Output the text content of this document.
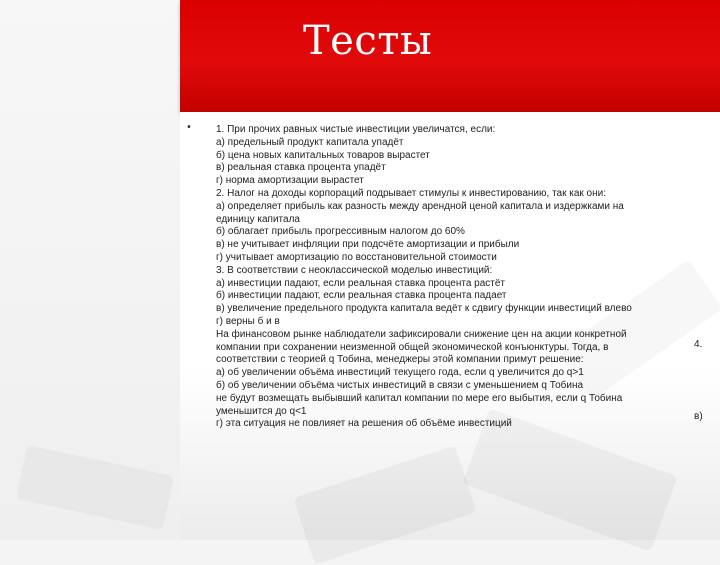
Тесты
• 1. При прочих равных чистые инвестиции увеличатся, если:
а) предельный продукт капитала упадёт
б) цена новых капитальных товаров вырастет
в) реальная ставка процента упадёт
г) норма амортизации вырастет
2. Налог на доходы корпораций подрывает стимулы к инвестированию, так как они:
а) определяет прибыль как разность между арендной ценой капитала и издержками на
единицу капитала
б) облагает прибыль прогрессивным налогом до 60%
в) не учитывает инфляции при подсчёте амортизации и прибыли
г) учитывает амортизацию по восстановительной стоимости
3. В соответствии с неоклассической моделью инвестиций:
а) инвестиции падают, если реальная ставка процента растёт
б) инвестиции падают, если реальная ставка процента падает
в) увеличение предельного продукта капитала ведёт к сдвигу функции инвестиций влево
г) верны б и в
На финансовом рынке наблюдатели зафиксировали снижение цен на акции конкретной
компании при сохранении неизменной общей экономической конъюнктуры. Тогда, в
соответствии с теорией q Тобина, менеджеры этой компании примут решение:
а) об увеличении объёма инвестиций текущего года, если q увеличится до q>1
б) об увеличении объёма чистых инвестиций в связи с уменьшением q Тобина
не будут возмещать выбывший капитал компании по мере его выбытия, если q Тобина
уменьшится до q<1
г) эта ситуация не повлияет на решения об объёме инвестиций
4.
в)
